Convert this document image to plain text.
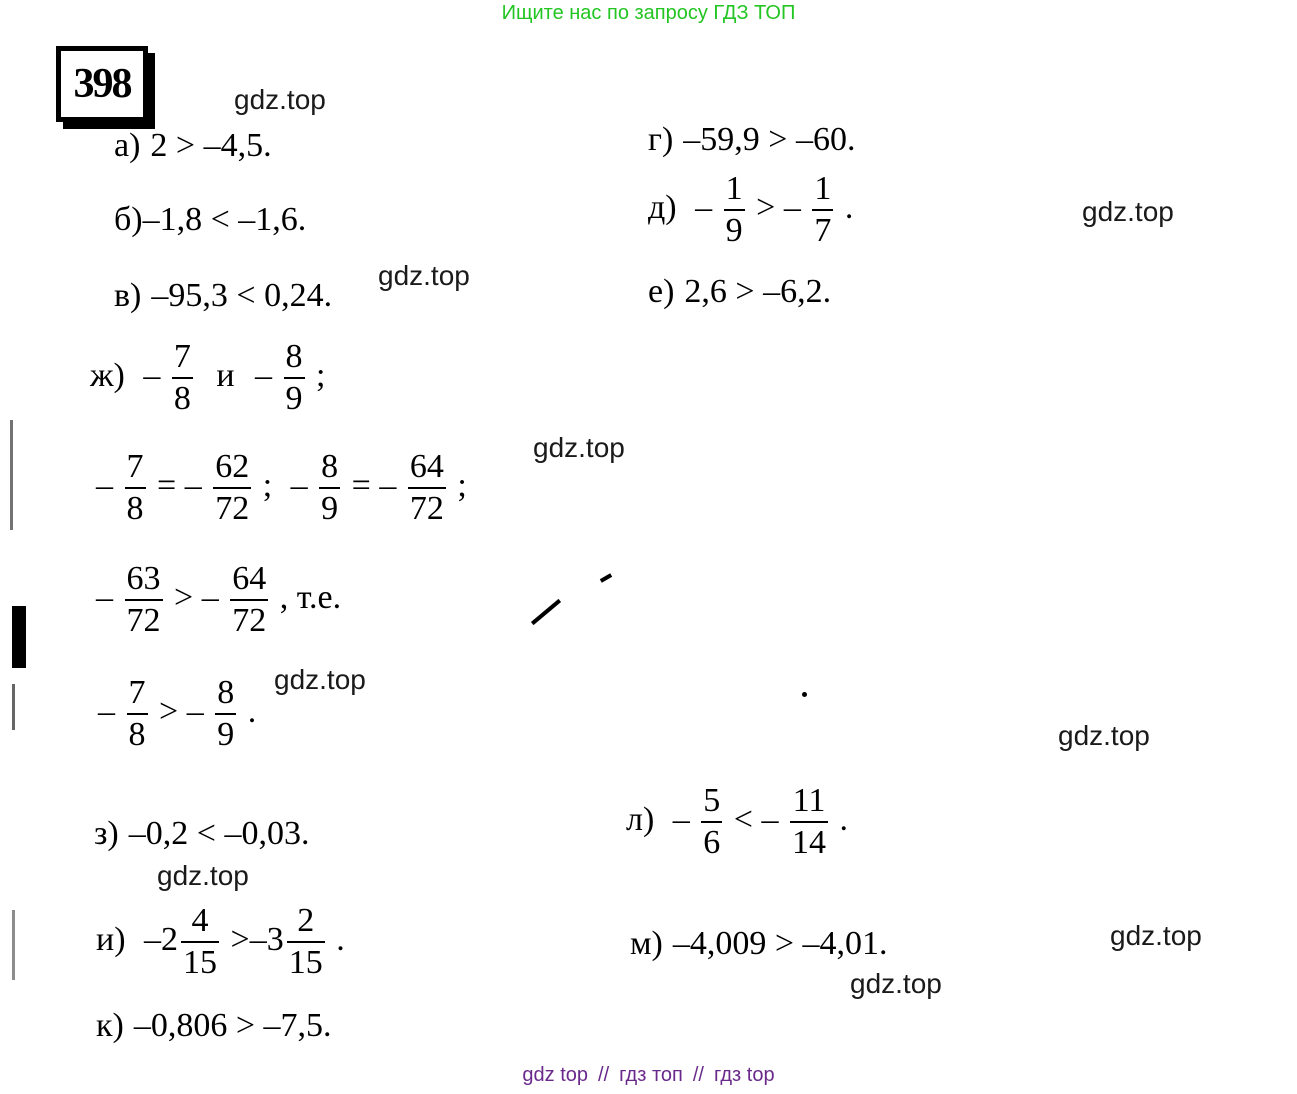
Ищите нас по запросу ГДЗ ТОП
398	gdz.top
gdz.top
gdz.top
gdz.top
gdz.top
gdz.top
gdz.top
gdz.top
gdz.top
а) 2 > –4,5.
б)–1,8 < –1,6.
в) –95,3 < 0,24.
г) –59,9 > –60.
$д) - \frac{1}{9}$ > – $\frac{1}{7}$ .
е) 2,6 > –6,2.
$ж) - \frac{7}{8}$ и – $\frac{8}{9}$ ;
– $\frac{7}{8}$ = – $\frac{62}{72}$ ; – $\frac{8}{9}$ = – $\frac{64}{72}$ ;
– $\frac{63}{72}$ > – $\frac{64}{72}$ , т.е.
– $\frac{7}{8}$ > – $\frac{8}{9}$ .
з) –0,2 < –0,03.	$л) - \frac{5}{6}$ < – $\frac{11}{14}$ .
и) $-2 \frac{4}{15} >-3 \frac{2}{15}$ .	м) –4,009 > –4,01.
к) –0,806 > –7,5.
gdz top // гдз топ // гдз top
